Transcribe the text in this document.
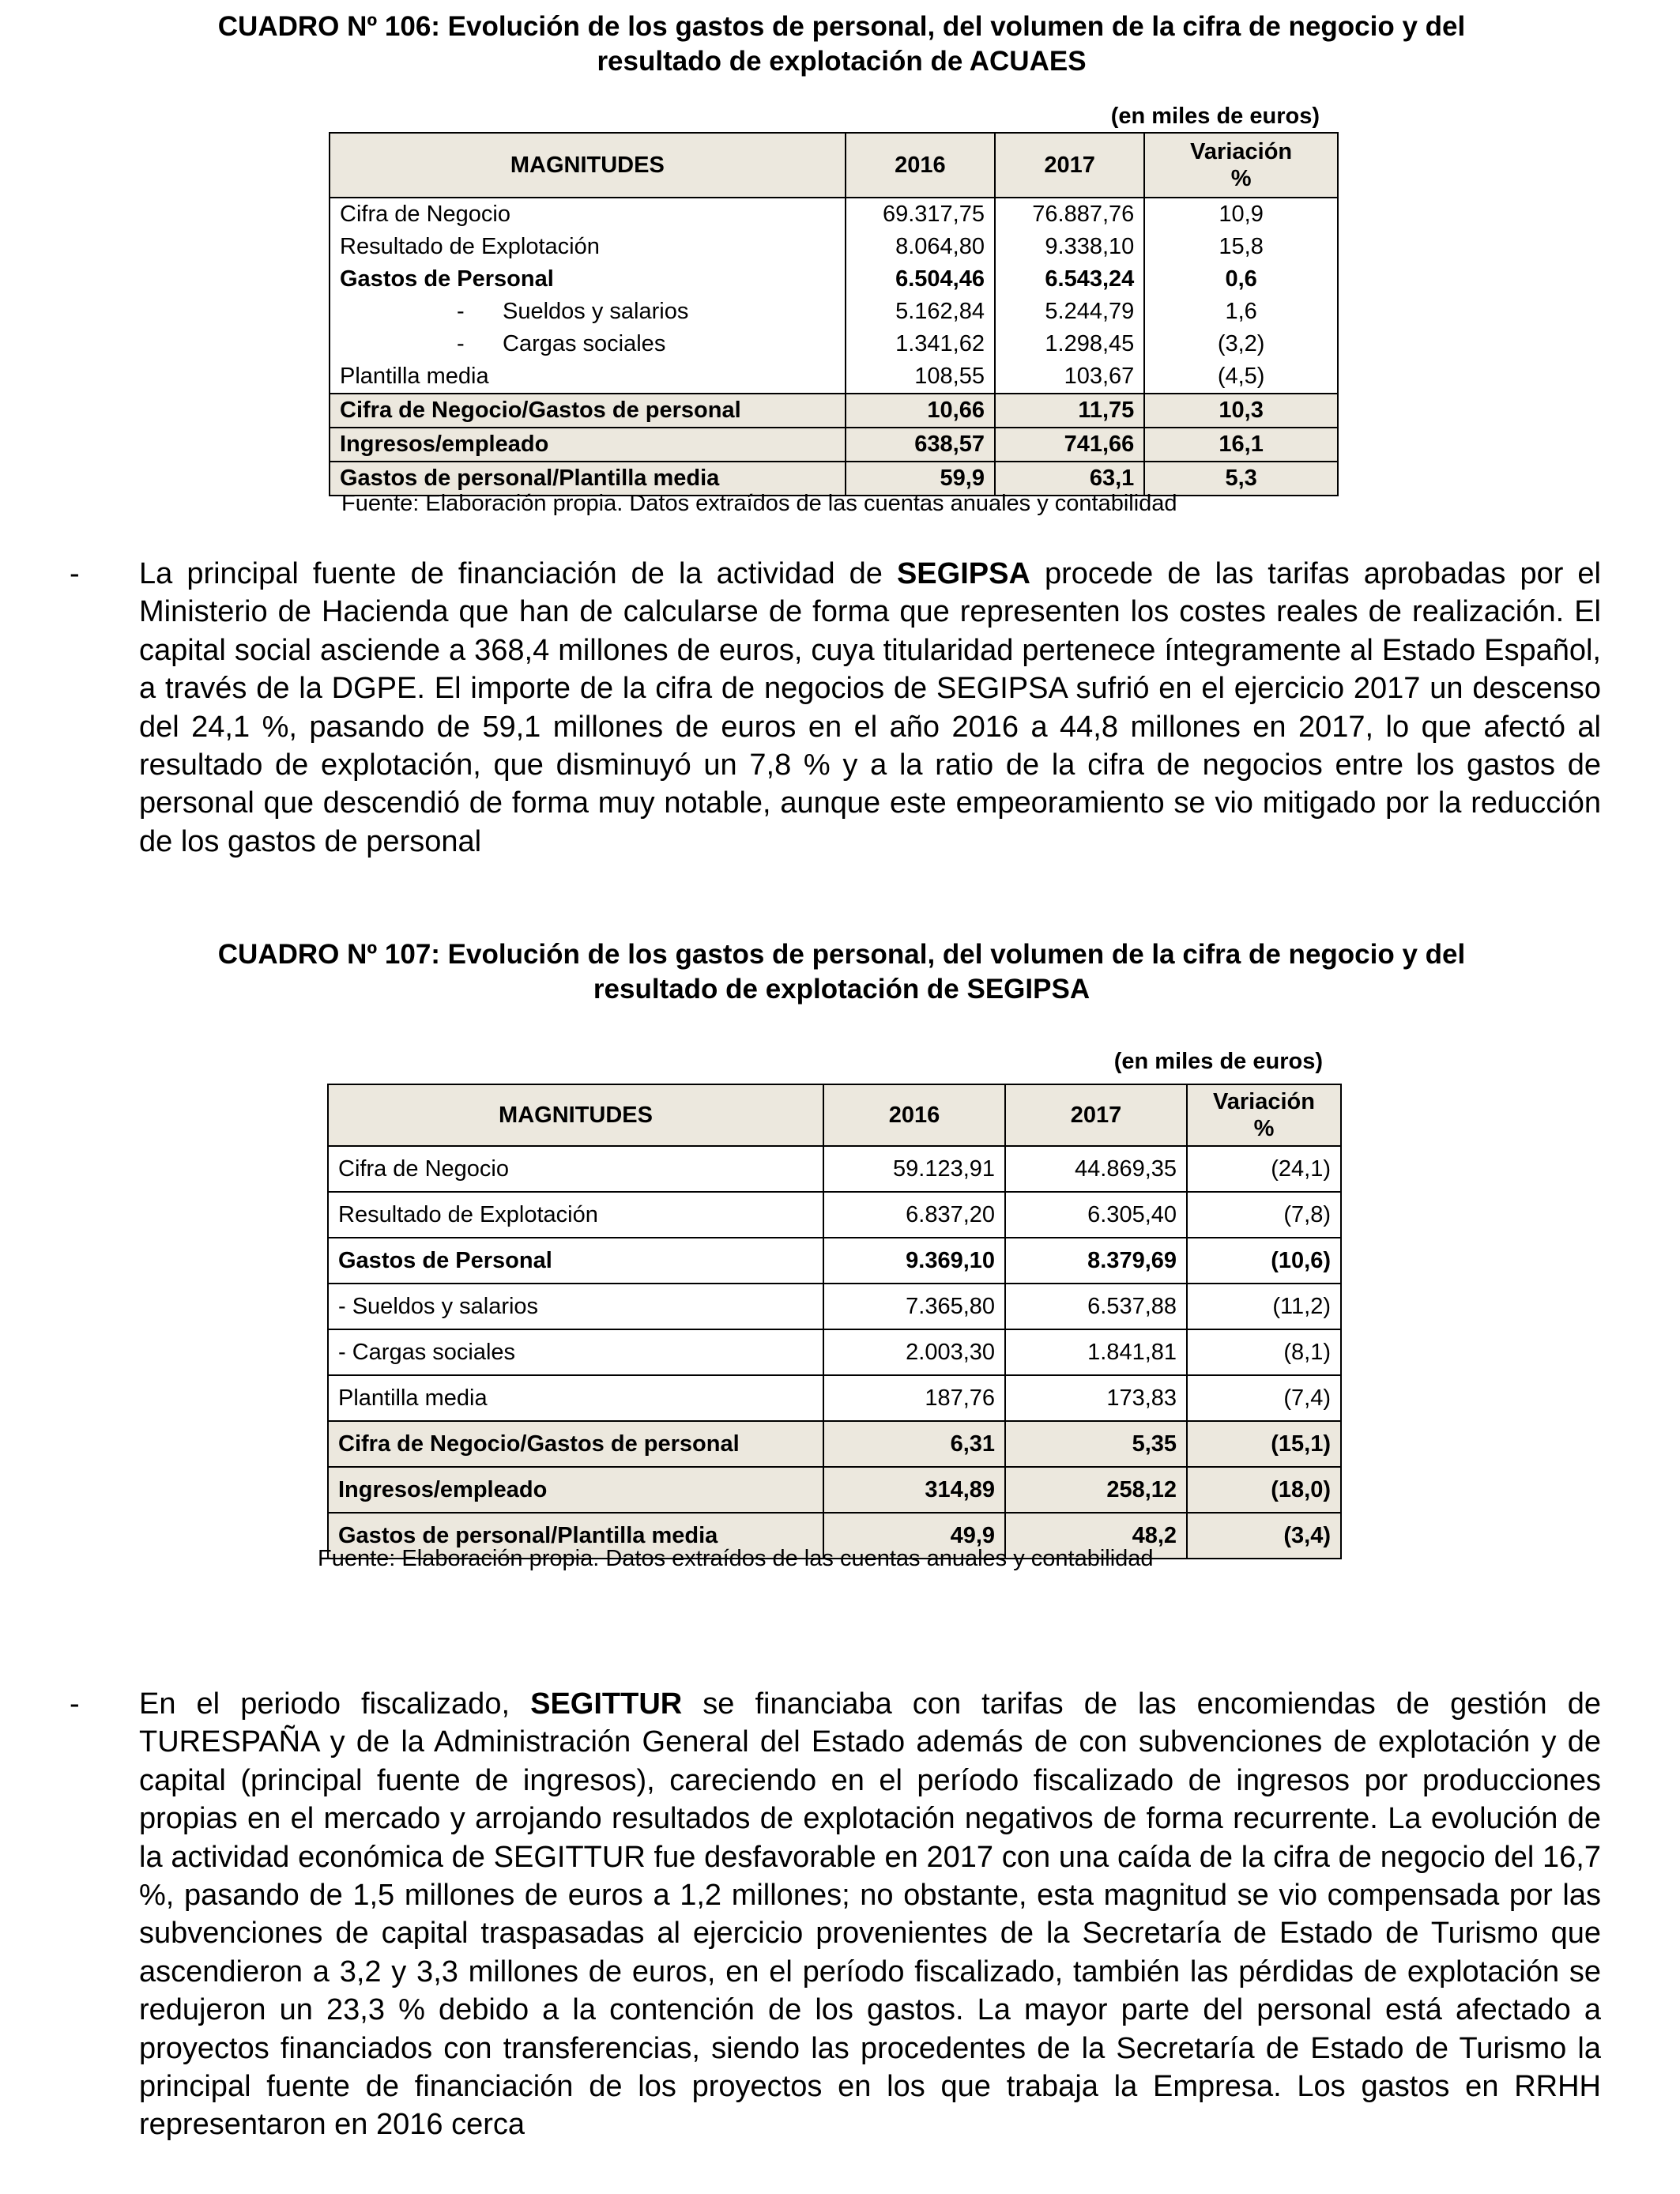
CUADRO Nº 106: Evolución de los gastos de personal, del volumen de la cifra de negocio y del
resultado de explotación de ACUAES
(en miles de euros)
MAGNITUDES	2016	2017	Variación
%

Cifra de Negocio	69.317,75	76.887,76	10,9
Resultado de Explotación	8.064,80	9.338,10	15,8
Gastos de Personal	6.504,46	6.543,24	0,6
-      Sueldos y salarios	5.162,84	5.244,79	1,6
-      Cargas sociales	1.341,62	1.298,45	(3,2)
Plantilla media	108,55	103,67	(4,5)
Cifra de Negocio/Gastos de personal	10,66	11,75	10,3
Ingresos/empleado	638,57	741,66	16,1
Gastos de personal/Plantilla media	59,9	63,1	5,3
Fuente: Elaboración propia. Datos extraídos de las cuentas anuales y contabilidad
- La principal fuente de financiación de la actividad de SEGIPSA procede de las tarifas aprobadas por el Ministerio de Hacienda que han de calcularse de forma que representen los costes reales de realización. El capital social asciende a 368,4 millones de euros, cuya titularidad pertenece íntegramente al Estado Español, a través de la DGPE. El importe de la cifra de negocios de SEGIPSA sufrió en el ejercicio 2017 un descenso del 24,1 %, pasando de 59,1 millones de euros en el año 2016 a 44,8 millones en 2017, lo que afectó al resultado de explotación, que disminuyó un 7,8 % y a la ratio de la cifra de negocios entre los gastos de personal que descendió de forma muy notable, aunque este empeoramiento se vio mitigado por la reducción de los gastos de personal
CUADRO Nº 107: Evolución de los gastos de personal, del volumen de la cifra de negocio y del
resultado de explotación de SEGIPSA
(en miles de euros)
MAGNITUDES	2016	2017	Variación
%

Cifra de Negocio	59.123,91	44.869,35	(24,1)
Resultado de Explotación	6.837,20	6.305,40	(7,8)
Gastos de Personal	9.369,10	8.379,69	(10,6)
- Sueldos y salarios	7.365,80	6.537,88	(11,2)
- Cargas sociales	2.003,30	1.841,81	(8,1)
Plantilla media	187,76	173,83	(7,4)
Cifra de Negocio/Gastos de personal	6,31	5,35	(15,1)
Ingresos/empleado	314,89	258,12	(18,0)
Gastos de personal/Plantilla media	49,9	48,2	(3,4)
Fuente: Elaboración propia. Datos extraídos de las cuentas anuales y contabilidad
- En el periodo fiscalizado, SEGITTUR se financiaba con tarifas de las encomiendas de gestión de TURESPAÑA y de la Administración General del Estado además de con subvenciones de explotación y de capital (principal fuente de ingresos), careciendo en el período fiscalizado de ingresos por producciones propias en el mercado y arrojando resultados de explotación negativos de forma recurrente. La evolución de la actividad económica de SEGITTUR fue desfavorable en 2017 con una caída de la cifra de negocio del 16,7 %, pasando de 1,5 millones de euros a 1,2 millones; no obstante, esta magnitud se vio compensada por las subvenciones de capital traspasadas al ejercicio provenientes de la Secretaría de Estado de Turismo que ascendieron a 3,2 y 3,3 millones de euros, en el período fiscalizado, también las pérdidas de explotación se redujeron un 23,3 % debido a la contención de los gastos. La mayor parte del personal está afectado a proyectos financiados con transferencias, siendo las procedentes de la Secretaría de Estado de Turismo la principal fuente de financiación de los proyectos en los que trabaja la Empresa. Los gastos en RRHH representaron en 2016 cerca
